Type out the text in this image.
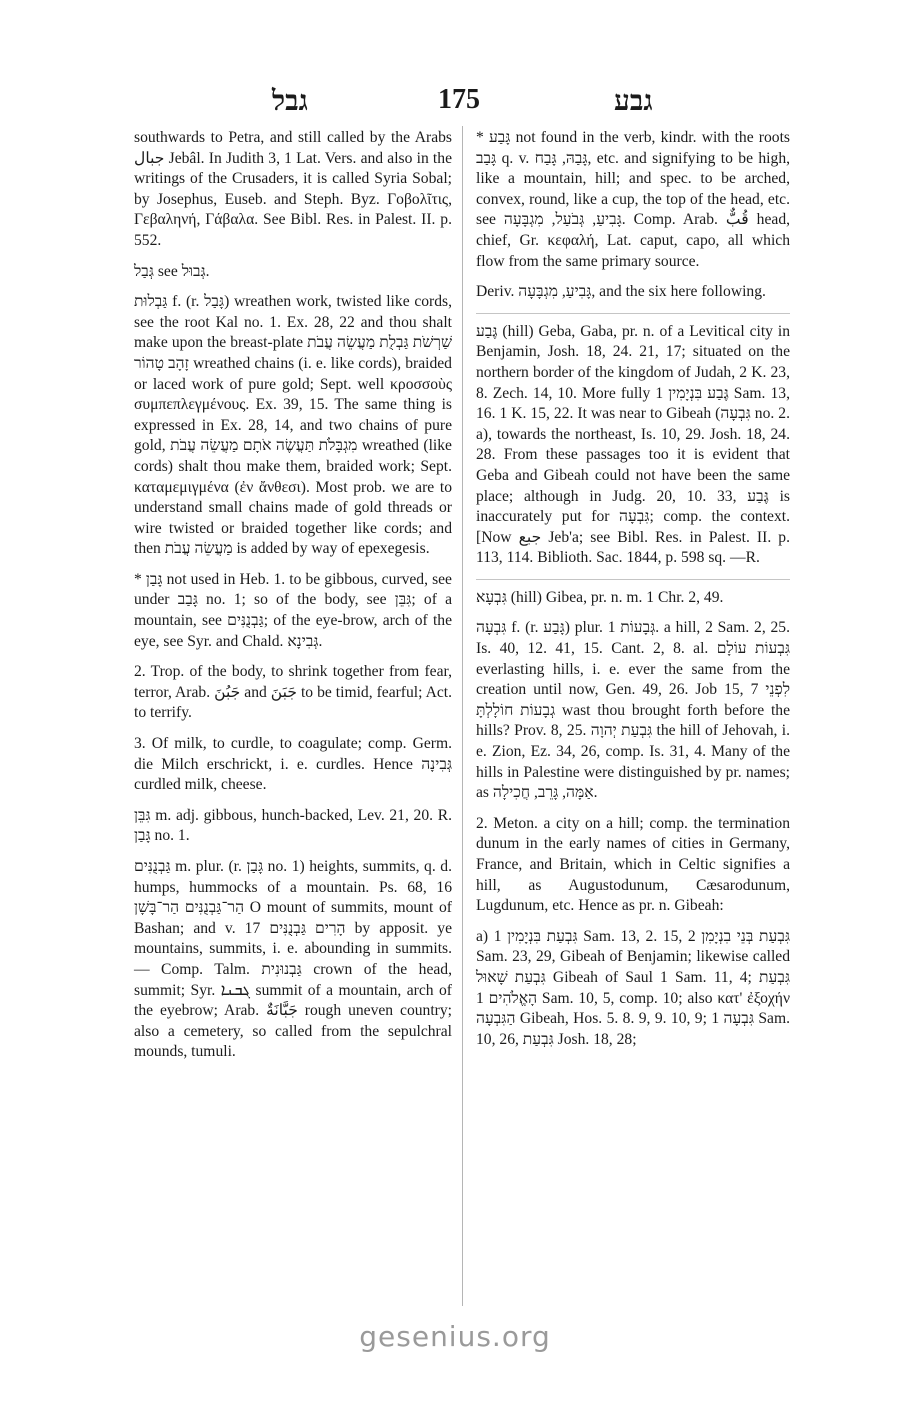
גבל	175	גבע

southwards to Petra, and still called by the Arabs جبال Jebâl. In Judith 3, 1 Lat. Vers. and also in the writings of the Crusaders, it is called Syria Sobal; by Josephus, Euseb. and Steph. Byz. Γοβολῖτις, Γεβαληνή, Γάβαλα. See Bibl. Res. in Palest. II. p. 552.

גְּבַל see גְּבוּל.

גַּבְלוּת f. (r. גָּבַל) wreathen work, twisted like cords, see the root Kal no. 1. Ex. 28, 22 and thou shalt make upon the breast-plate שַׁרְשֹׁת גַּבְלֻת מַעֲשֵׂה עֲבֹת זָהָב טָהוֹר wreathed chains (i. e. like cords), braided or laced work of pure gold; Sept. well κροσσοὺς συμπεπλεγμένους. Ex. 39, 15. The same thing is expressed in Ex. 28, 14, and two chains of pure gold, מִגְבָּלֹת תַּעֲשֶׂה אֹתָם מַעֲשֵׂה עֲבֹת wreathed (like cords) shalt thou make them, braided work; Sept. καταμεμιγμένα (ἐν ἄνθεσι). Most prob. we are to understand small chains made of gold threads or wire twisted or braided together like cords; and then מַעֲשֵׂה עֲבֹת is added by way of epexegesis.

* גָּבַן not used in Heb. 1. to be gibbous, curved, see under גָּבַב no. 1; so of the body, see גִּבֵּן; of a mountain, see גַּבְנֻנִּים; of the eye-brow, arch of the eye, see Syr. and Chald. גְּבִינָא.

2. Trop. of the body, to shrink together from fear, terror, Arab. جَبُنَ and جَبَنَ to be timid, fearful; Act. to terrify.

3. Of milk, to curdle, to coagulate; comp. Germ. die Milch erschrickt, i. e. curdles. Hence גְּבִינָה curdled milk, cheese.

גִּבֵּן m. adj. gibbous, hunch-backed, Lev. 21, 20. R. גָּבַן no. 1.

גַּבְנֻנִּים m. plur. (r. גָּבַן no. 1) heights, summits, q. d. humps, hummocks of a mountain. Ps. 68, 16 הַר־גַּבְנֻנִּים הַר־בָּשָׁן O mount of summits, mount of Bashan; and v. 17 הָרִים גַּבְנֻנִּים by apposit. ye mountains, summits, i. e. abounding in summits. — Comp. Talm. גַּבְנוּנִית crown of the head, summit; Syr. ܓܒܢܐ summit of a mountain, arch of the eyebrow; Arab. جَبَّانَةٌ rough uneven country; also a cemetery, so called from the sepulchral mounds, tumuli.

* גָּבַע not found in the verb, kindr. with the roots גָּבַב q. v. גָּבַהּ, גָּבַח, etc. and signifying to be high, like a mountain, hill; and spec. to be arched, convex, round, like a cup, the top of the head, etc. see גָּבִיעַ, גְּבֹעַל, מִגְבָּעָה. Comp. Arab. قُبٌّ head, chief, Gr. κεφαλή, Lat. caput, capo, all which flow from the same primary source.

Deriv. גָּבִיעַ, מִגְבָּעָה, and the six here following.

גֶּבַע (hill) Geba, Gaba, pr. n. of a Levitical city in Benjamin, Josh. 18, 24. 21, 17; situated on the northern border of the kingdom of Judah, 2 K. 23, 8. Zech. 14, 10. More fully גֶּבַע בִּנְיָמִין 1 Sam. 13, 16. 1 K. 15, 22. It was near to Gibeah (גִּבְעָה no. 2. a), towards the northeast, Is. 10, 29. Josh. 18, 24. 28. From these passages too it is evident that Geba and Gibeah could not have been the same place; although in Judg. 20, 10. 33, גֶּבַע is inaccurately put for גִּבְעָה; comp. the context. [Now جبع Jeb'a; see Bibl. Res. in Palest. II. p. 113, 114. Biblioth. Sac. 1844, p. 598 sq. —R.

גִּבְעָא (hill) Gibea, pr. n. m. 1 Chr. 2, 49.

גִּבְעָה f. (r. גָּבַע) plur. גְּבָעוֹת 1. a hill, 2 Sam. 2, 25. Is. 40, 12. 41, 15. Cant. 2, 8. al. גִּבְעוֹת עוֹלָם everlasting hills, i. e. ever the same from the creation until now, Gen. 49, 26. Job 15, 7 לִפְנֵי גְבָעוֹת חוֹלָלְתָּ wast thou brought forth before the hills? Prov. 8, 25. גִּבְעַת יְהוָה the hill of Jehovah, i. e. Zion, Ez. 34, 26, comp. Is. 31, 4. Many of the hills in Palestine were distinguished by pr. names; as אַמָּה, גָּרֵב, חֲכִילָה.

2. Meton. a city on a hill; comp. the termination dunum in the early names of cities in Germany, France, and Britain, which in Celtic signifies a hill, as Augustodunum, Cæsarodunum, Lugdunum, etc. Hence as pr. n. Gibeah:

a) גִּבְעַת בִּנְיָמִין 1 Sam. 13, 2. 15, גִּבְעַת בְּנֵי בִנְיָמִן 2 Sam. 23, 29, Gibeah of Benjamin; likewise called גִּבְעַת שָׁאוּל Gibeah of Saul 1 Sam. 11, 4; גִּבְעַת הָאֱלֹהִים 1 Sam. 10, 5, comp. 10; also κατ' ἐξοχήν הַגִּבְעָה Gibeah, Hos. 5. 8. 9, 9. 10, 9; גִּבְעָה 1 Sam. 10, 26, גִּבְעַת Josh. 18, 28;

gesenius.org
